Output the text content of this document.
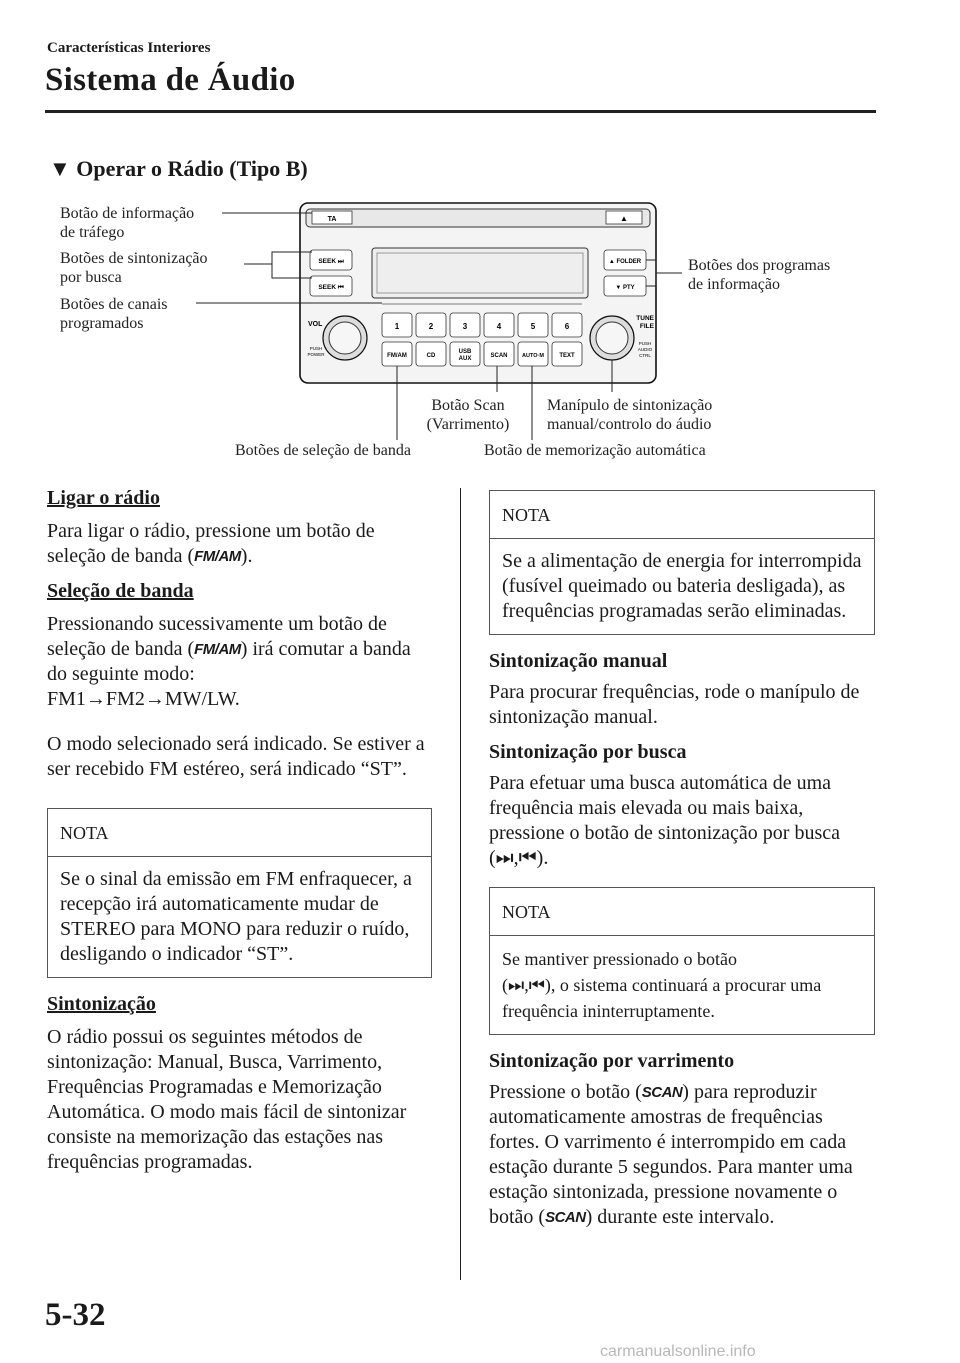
Características Interiores
Sistema de Áudio
▼ Operar o Rádio (Tipo B)
TA	▲
SEEK ⏭
SEEK ⏮
▲ FOLDER
▼ PTY
VOL
PUSH
POWER
TUNE
FILE
PUSH
AUDIO
CTRL
1	2	3	4	5	6
FM/AM	CD
USB
AUX	SCAN	AUTO·M	TEXT
Botão de informação
de tráfego
Botões de sintonização
por busca
Botões de canais
programados
Botões dos programas
de informação
Botão Scan
(Varrimento)
Manípulo de sintonização
manual/controlo do áudio
Botões de seleção de banda	Botão de memorização automática

Ligar o rádio

Para ligar o rádio, pressione um botão de seleção de banda (FM/AM).

Seleção de banda

Pressionando sucessivamente um botão de seleção de banda (FM/AM) irá comutar a banda do seguinte modo:
FM1→FM2→MW/LW.

O modo selecionado será indicado. Se estiver a ser recebido FM estéreo, será indicado “ST”.

NOTA
Se o sinal da emissão em FM enfraquecer, a recepção irá automaticamente mudar de STEREO para MONO para reduzir o ruído, desligando o indicador “ST”.

Sintonização

O rádio possui os seguintes métodos de sintonização: Manual, Busca, Varrimento, Frequências Programadas e Memorização Automática. O modo mais fácil de sintonizar consiste na memorização das estações nas frequências programadas.

NOTA
Se a alimentação de energia for interrompida (fusível queimado ou bateria desligada), as frequências programadas serão eliminadas.

Sintonização manual

Para procurar frequências, rode o manípulo de sintonização manual.

Sintonização por busca

Para efetuar uma busca automática de uma frequência mais elevada ou mais baixa, pressione o botão de sintonização por busca (⏭,⏮).

NOTA
Se mantiver pressionado o botão
(⏭,⏮), o sistema continuará a procurar uma frequência ininterruptamente.

Sintonização por varrimento

Pressione o botão (SCAN) para reproduzir automaticamente amostras de frequências fortes. O varrimento é interrompido em cada estação durante 5 segundos. Para manter uma estação sintonizada, pressione novamente o botão (SCAN) durante este intervalo.

5-32
carmanualsonline.info
